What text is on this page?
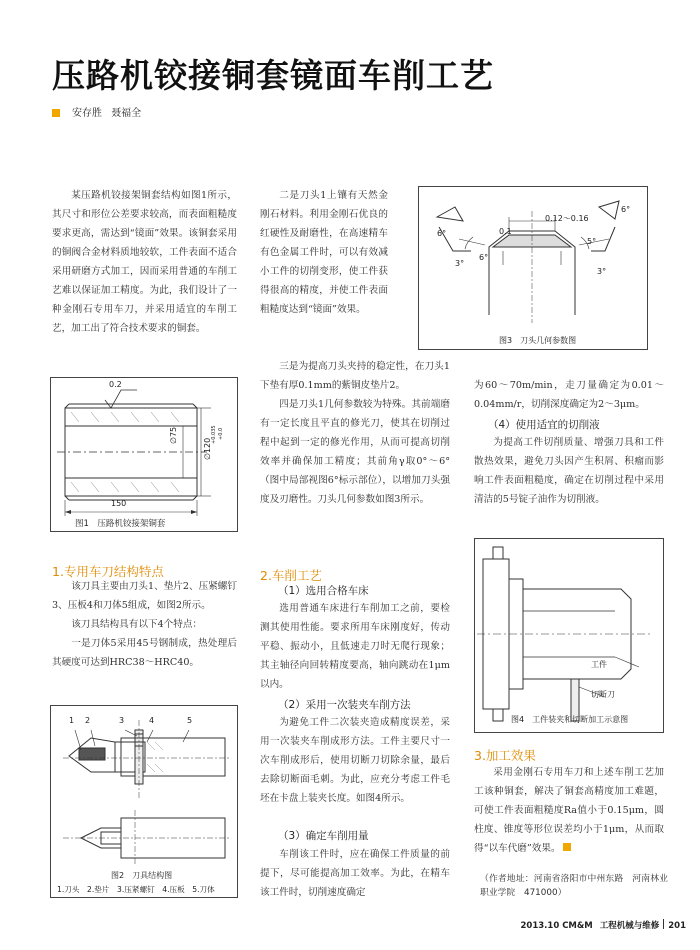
压路机铰接铜套镜面车削工艺
安存胜 聂福全

某压路机铰接架铜套结构如图1所示，其尺寸和形位公差要求较高，而表面粗糙度要求更高，需达到“镜面”效果。该铜套采用的铜阀合金材料质地较软，工件表面不适合采用研磨方式加工，因而采用普通的车削工艺难以保证加工精度。为此，我们设计了一种金刚石专用车刀，并采用适宜的车削工艺，加工出了符合技术要求的铜套。

0.2
∅75
∅120
+0.035 +0.0
150
图1　压路机铰接架铜套
1.专用车刀结构特点

该刀具主要由刀头1、垫片2、压紧螺钉3、压板4和刀体5组成，如图2所示。

该刀具结构具有以下4个特点：

一是刀体5采用45号钢制成，热处理后其硬度可达到HRC38～HRC40。

1 2	3	4	5
图2　刀具结构图
1.刀头　2.垫片　3.压紧螺钉　4.压板　5.刀体

二是刀头1上镶有天然金刚石材料。利用金刚石优良的红硬性及耐磨性，在高速精车有色金属工件时，可以有效减小工件的切削变形，使工件获得很高的精度，并使工件表面粗糙度达到“镜面”效果。

三是为提高刀头夹持的稳定性，在刀头1下垫有厚0.1mm的紫铜皮垫片2。

四是刀头1几何参数较为特殊。其前端磨有一定长度且平直的修光刀，使其在切削过程中起到一定的修光作用，从而可提高切削效率并确保加工精度；其前角γ取0°～6°（图中局部视图6°标示部位），以增加刀头强度及刃磨性。刀头几何参数如图3所示。

2.车削工艺
（1）选用合格车床

选用普通车床进行车削加工之前，要检测其使用性能。要求所用车床刚度好，传动平稳、振动小，且低速走刀时无爬行现象；其主轴径向回转精度要高，轴向跳动在1μm以内。

（2）采用一次装夹车削方法

为避免工件二次装夹造成精度误差，采用一次装夹车削成形方法。工件主要尺寸一次车削成形后，使用切断刀切除余量，最后去除切断面毛刺。为此，应充分考虑工件毛坯在卡盘上装夹长度。如图4所示。

（3）确定车削用量

车削该工件时，应在确保工件质量的前提下，尽可能提高加工效率。为此，在精车该工件时，切削速度确定

6°
6°
0.1
0.12～0.16
3°
6°
5°
3°
图3　刀头几何参数图

为60～70m/min，走刀量确定为0.01～0.04mm/r，切削深度确定为2～3μm。

（4）使用适宜的切削液

为提高工件切削质量、增强刀具和工件散热效果，避免刀头因产生积屑、积瘤而影响工件表面粗糙度，确定在切削过程中采用清洁的5号锭子油作为切削液。

工件
切断刀
图4　工件装夹和切断加工示意图
3.加工效果

采用金刚石专用车刀和上述车削工艺加工该种铜套，解决了铜套高精度加工难题，可使工件表面粗糙度Ra值小于0.15μm，圆柱度、锥度等形位误差均小于1μm，从而取得“以车代磨”效果。

（作者地址：河南省洛阳市中州东路　河南林业职业学院　471000）

2013.10 CM&M 工程机械与维修 201
